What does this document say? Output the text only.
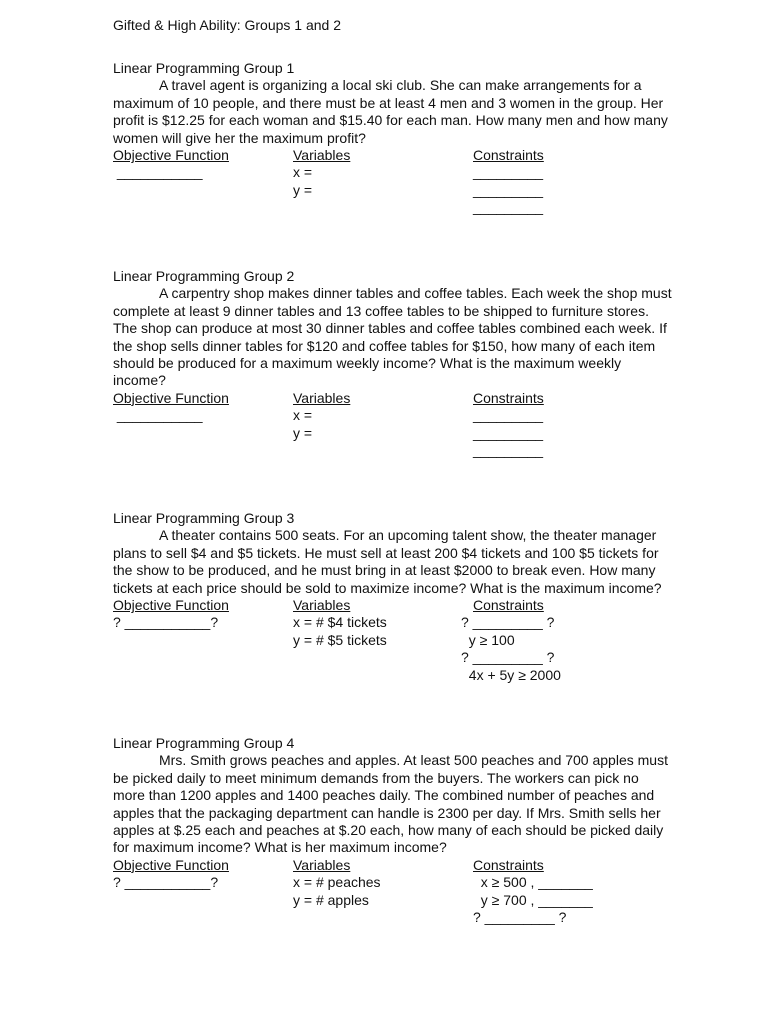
Gifted & High Ability: Groups 1 and 2

Linear Programming Group 1

A travel agent is organizing a local ski club. She can make arrangements for a maximum of 10 people, and there must be at least 4 men and 3 women in the group. Her profit is $12.25 for each woman and $15.40 for each man. How many men and how many women will give her the maximum profit?

Objective Function
___________
Variables
x =
y =
Constraints
_________
_________
_________

Linear Programming Group 2

A carpentry shop makes dinner tables and coffee tables. Each week the shop must complete at least 9 dinner tables and 13 coffee tables to be shipped to furniture stores. The shop can produce at most 30 dinner tables and coffee tables combined each week. If the shop sells dinner tables for $120 and coffee tables for $150, how many of each item should be produced for a maximum weekly income? What is the maximum weekly income?

Objective Function
___________
Variables
x =
y =
Constraints
_________
_________
_________

Linear Programming Group 3

A theater contains 500 seats. For an upcoming talent show, the theater manager plans to sell $4 and $5 tickets. He must sell at least 200 $4 tickets and 100 $5 tickets for the show to be produced, and he must bring in at least $2000 to break even. How many tickets at each price should be sold to maximize income? What is the maximum income?

Objective Function
? ___________?
Variables
x = # $4 tickets
y = # $5 tickets
Constraints
? _________ ?
y ≥ 100
? _________ ?
4x + 5y ≥ 2000

Linear Programming Group 4

Mrs. Smith grows peaches and apples. At least 500 peaches and 700 apples must be picked daily to meet minimum demands from the buyers. The workers can pick no more than 1200 apples and 1400 peaches daily. The combined number of peaches and apples that the packaging department can handle is 2300 per day. If Mrs. Smith sells her apples at $.25 each and peaches at $.20 each, how many of each should be picked daily for maximum income? What is her maximum income?

Objective Function
? ___________?
Variables
x = # peaches
y = # apples
Constraints
x ≥ 500 , _______
y ≥ 700 , _______
? _________ ?
